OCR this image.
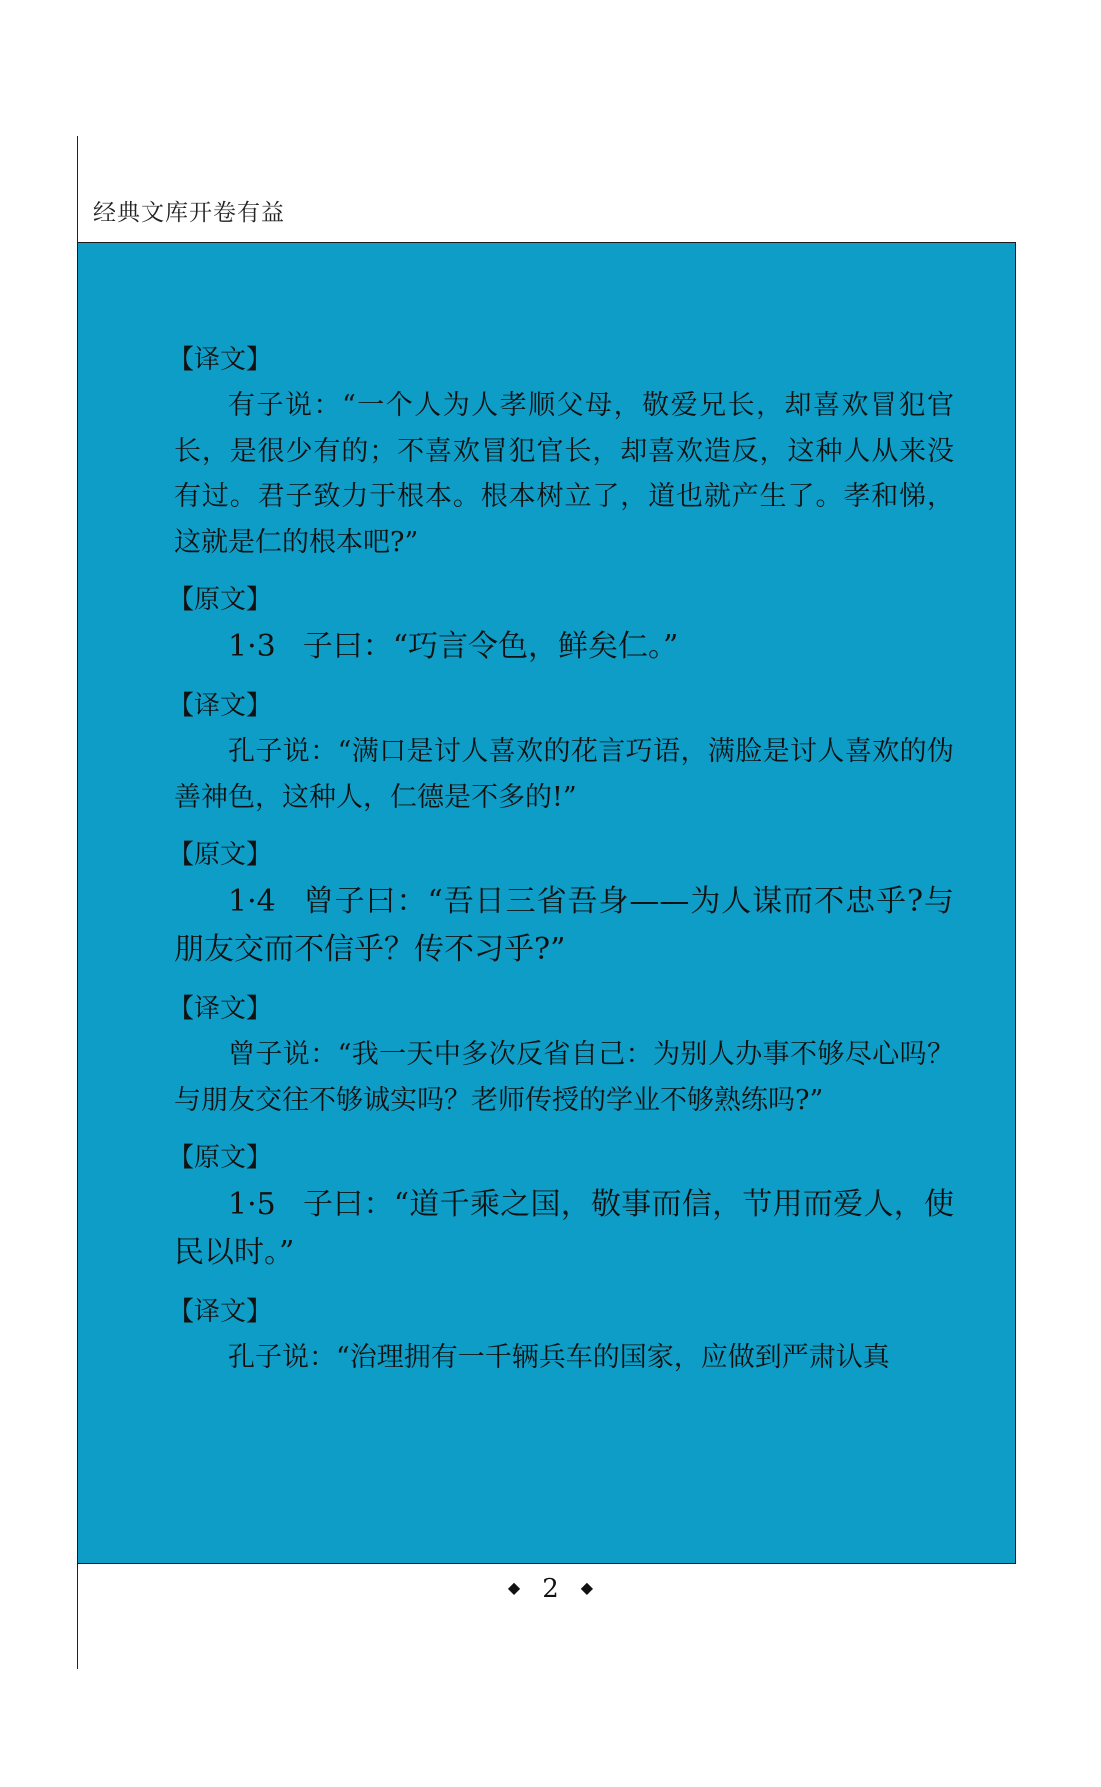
经典文库开卷有益
【译文】

有子说：“一个人为人孝顺父母，敬爱兄长，却喜欢冒犯官长，是很少有的；不喜欢冒犯官长，却喜欢造反，这种人从来没有过。君子致力于根本。根本树立了，道也就产生了。孝和悌，这就是仁的根本吧?”

【原文】

1·3 子曰：“巧言令色，鲜矣仁。”

【译文】

孔子说：“满口是讨人喜欢的花言巧语，满脸是讨人喜欢的伪善神色，这种人，仁德是不多的!”

【原文】

1·4 曾子曰：“吾日三省吾身——为人谋而不忠乎?与朋友交而不信乎？传不习乎?”

【译文】

曾子说：“我一天中多次反省自己：为别人办事不够尽心吗？与朋友交往不够诚实吗？老师传授的学业不够熟练吗?”

【原文】

1·5 子曰：“道千乘之国，敬事而信，节用而爱人，使民以时。”

【译文】

孔子说：“治理拥有一千辆兵车的国家，应做到严肃认真

◆ 2 ◆
